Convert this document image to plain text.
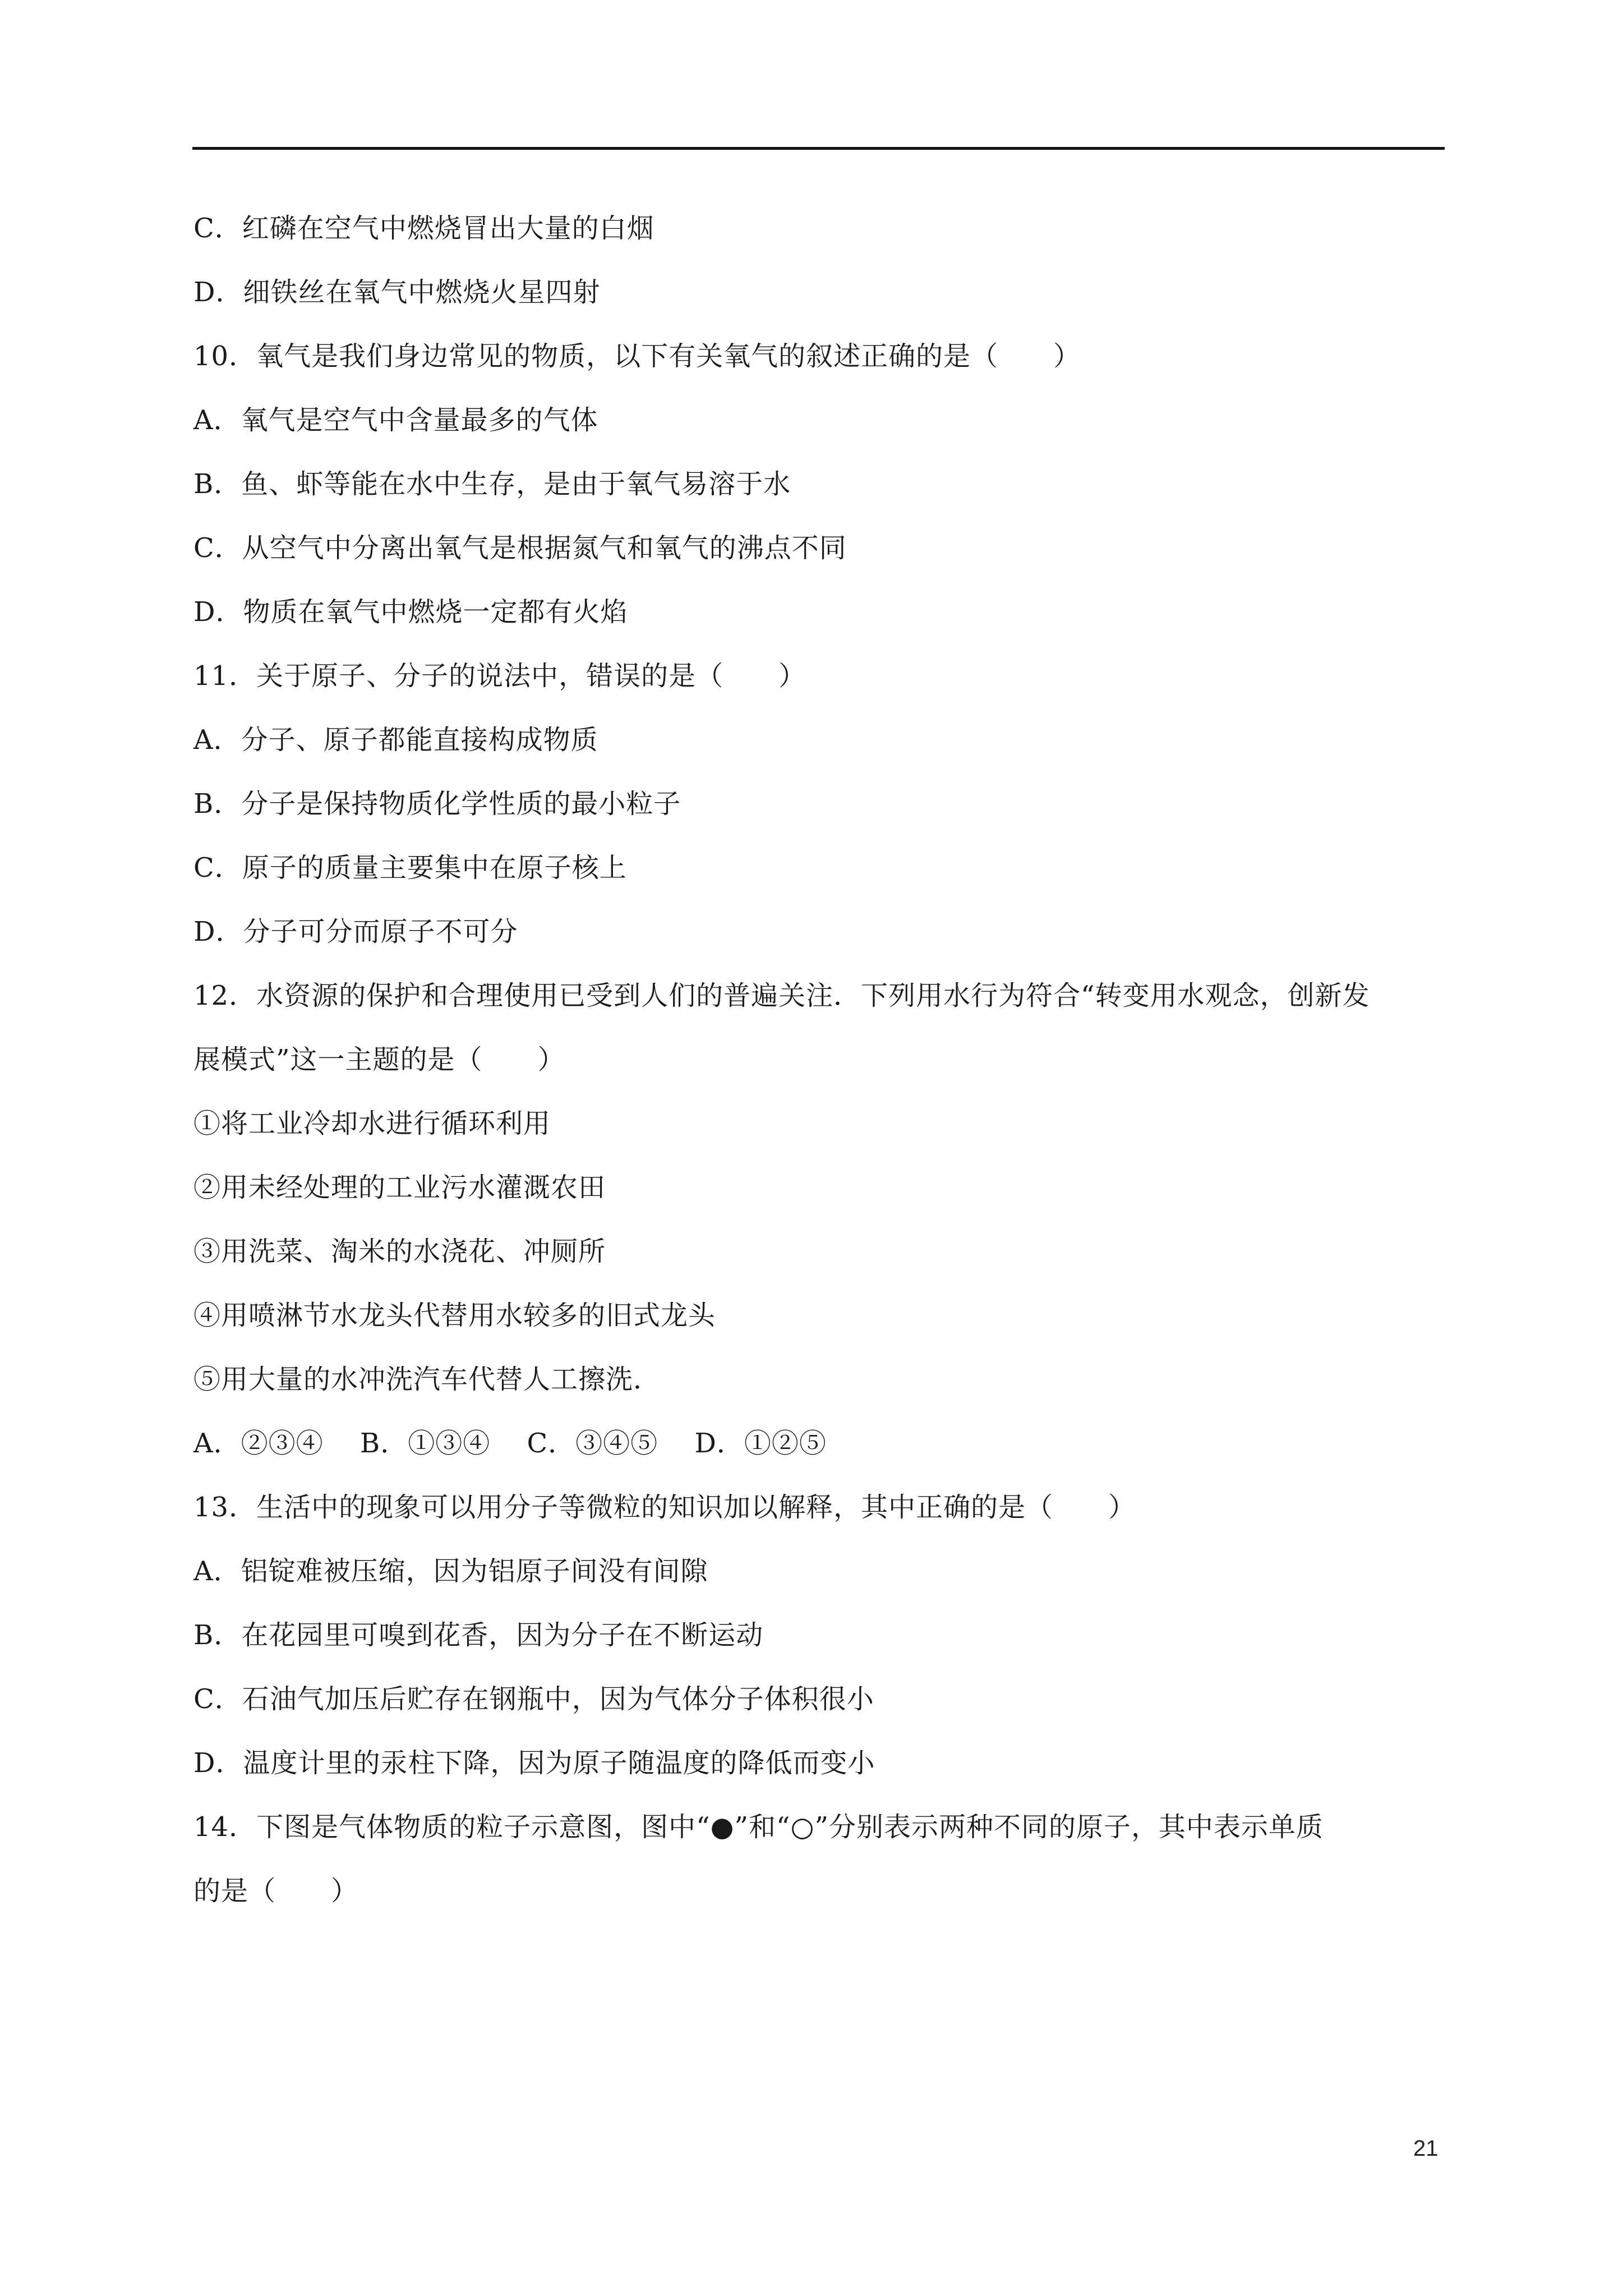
C．红磷在空气中燃烧冒出大量的白烟
D．细铁丝在氧气中燃烧火星四射
10．氧气是我们身边常见的物质，以下有关氧气的叙述正确的是（　　）
A．氧气是空气中含量最多的气体
B．鱼、虾等能在水中生存，是由于氧气易溶于水
C．从空气中分离出氧气是根据氮气和氧气的沸点不同
D．物质在氧气中燃烧一定都有火焰
11．关于原子、分子的说法中，错误的是（　　）
A．分子、原子都能直接构成物质
B．分子是保持物质化学性质的最小粒子
C．原子的质量主要集中在原子核上
D．分子可分而原子不可分
12．水资源的保护和合理使用已受到人们的普遍关注．下列用水行为符合“转变用水观念，创新发
展模式”这一主题的是（　　）
①将工业冷却水进行循环利用
②用未经处理的工业污水灌溉农田
③用洗菜、淘米的水浇花、冲厕所
④用喷淋节水龙头代替用水较多的旧式龙头
⑤用大量的水冲洗汽车代替人工擦洗．
A．②③④　 B．①③④　 C．③④⑤　 D．①②⑤
13．生活中的现象可以用分子等微粒的知识加以解释，其中正确的是（　　）
A．铝锭难被压缩，因为铝原子间没有间隙
B．在花园里可嗅到花香，因为分子在不断运动
C．石油气加压后贮存在钢瓶中，因为气体分子体积很小
D．温度计里的汞柱下降，因为原子随温度的降低而变小
14．下图是气体物质的粒子示意图，图中“●”和“○”分别表示两种不同的原子，其中表示单质
的是（　　）
21
